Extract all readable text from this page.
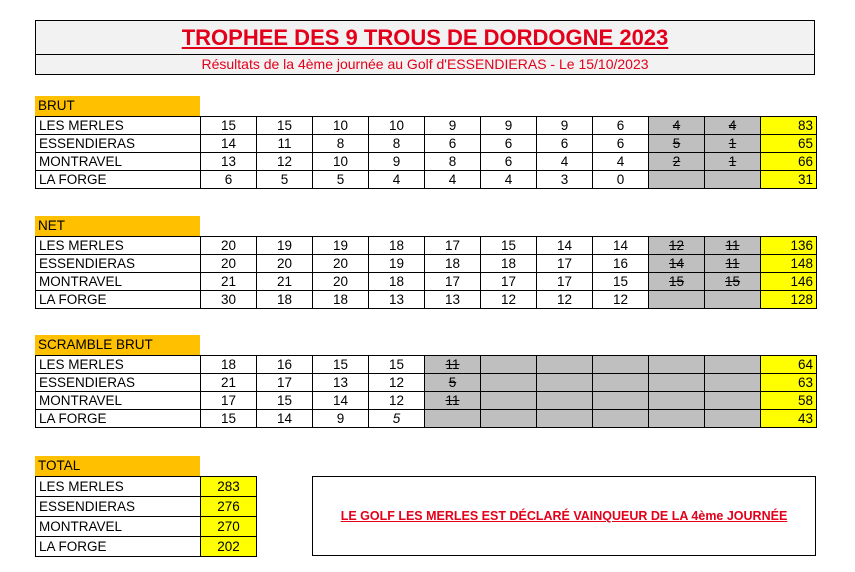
TROPHEE DES 9 TROUS DE DORDOGNE 2023
Résultats de la 4ème journée au Golf d'ESSENDIERAS - Le 15/10/2023
BRUT
LES MERLES	15	15	10	10	9	9	9	6	4	4	83
ESSENDIERAS	14	11	8	8	6	6	6	6	5	1	65
MONTRAVEL	13	12	10	9	8	6	4	4	2	1	66
LA FORGE	6	5	5	4	4	4	3	0			31
NET
LES MERLES	20	19	19	18	17	15	14	14	12	11	136
ESSENDIERAS	20	20	20	19	18	18	17	16	14	11	148
MONTRAVEL	21	21	20	18	17	17	17	15	15	15	146
LA FORGE	30	18	18	13	13	12	12	12			128
SCRAMBLE BRUT
LES MERLES	18	16	15	15	11						64
ESSENDIERAS	21	17	13	12	5						63
MONTRAVEL	17	15	14	12	11						58
LA FORGE	15	14	9	5							43
TOTAL
LES MERLES	283
ESSENDIERAS	276
MONTRAVEL	270
LA FORGE	202
LE GOLF LES MERLES EST DÉCLARÉ VAINQUEUR DE LA 4ème JOURNÉE
